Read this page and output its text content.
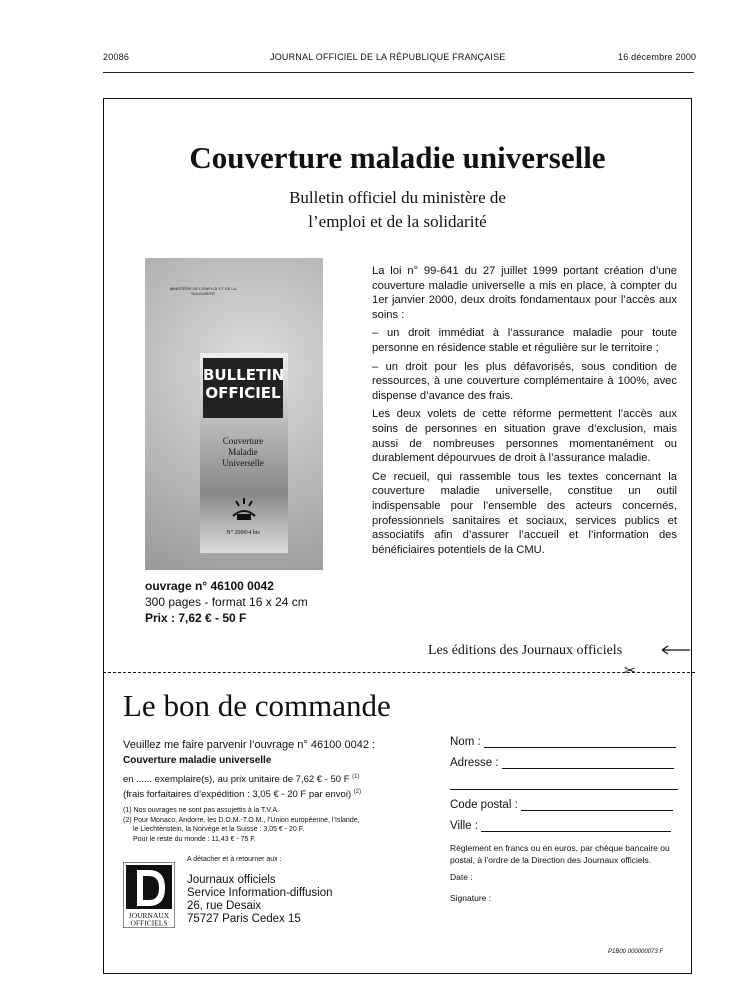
20086	JOURNAL OFFICIEL DE LA RÉPUBLIQUE FRANÇAISE	16 décembre 2000
Couverture maladie universelle
Bulletin officiel du ministère de
l’emploi et de la solidarité
MINISTÈRE DE L'EMPLOI ET DE LA SOLIDARITÉ
BULLETIN
OFFICIEL
Couverture
Maladie
Universelle
N° 2000/4 bis

La loi n° 99-641 du 27 juillet 1999 portant création d’une couverture maladie universelle a mis en place, à compter du 1er janvier 2000, deux droits fondamentaux pour l’accès aux soins :

– un droit immédiat à l’assurance maladie pour toute personne en résidence stable et régulière sur le territoire ;

– un droit pour les plus défavorisés, sous condition de ressources, à une couverture complémentaire à 100%, avec dispense d’avance des frais.

Les deux volets de cette réforme permettent l’accès aux soins de personnes en situation grave d’exclusion, mais aussi de nombreuses personnes momentanément ou durablement dépourvues de droit à l’assurance maladie.

Ce recueil, qui rassemble tous les textes concernant la couverture maladie universelle, constitue un outil indispensable pour l’ensemble des acteurs concernés, professionnels sanitaires et sociaux, services publics et associatifs afin d’assurer l’accueil et l’information des bénéficiaires potentiels de la CMU.

ouvrage n° 46100 0042
300 pages - format 16 x 24 cm
Prix : 7,62 € - 50 F
Les éditions des Journaux officiels
✂
Le bon de commande
Veuillez me faire parvenir l’ouvrage n° 46100 0042 :
Couverture maladie universelle
en ...... exemplaire(s), au prix unitaire de 7,62 € - 50 F $^{(1)}$
(frais forfaitaires d’expédition : 3,05 € - 20 F par envoi) $^{(2)}$
(1) Nos ouvrages ne sont pas assujettis à la T.V.A.
(2) Pour Monaco, Andorre, les D.O.M.-T.O.M., l’Union européenne, l’Islande,
le Liechtenstein, la Norvège et la Suisse : 3,05 € - 20 F.
Pour le reste du monde : 11,43 € - 75 F.
JOURNAUX
OFFICIELS
A détacher et à retourner aux :
Journaux officiels
Service Information-diffusion
26, rue Desaix
75727 Paris Cedex 15
Nom :
Adresse :
Code postal :
Ville :
Règlement en francs ou en euros, par chèque bancaire ou postal, à l’ordre de la Direction des Journaux officiels.
Date :
Signature :
P1B00 000000073 F
